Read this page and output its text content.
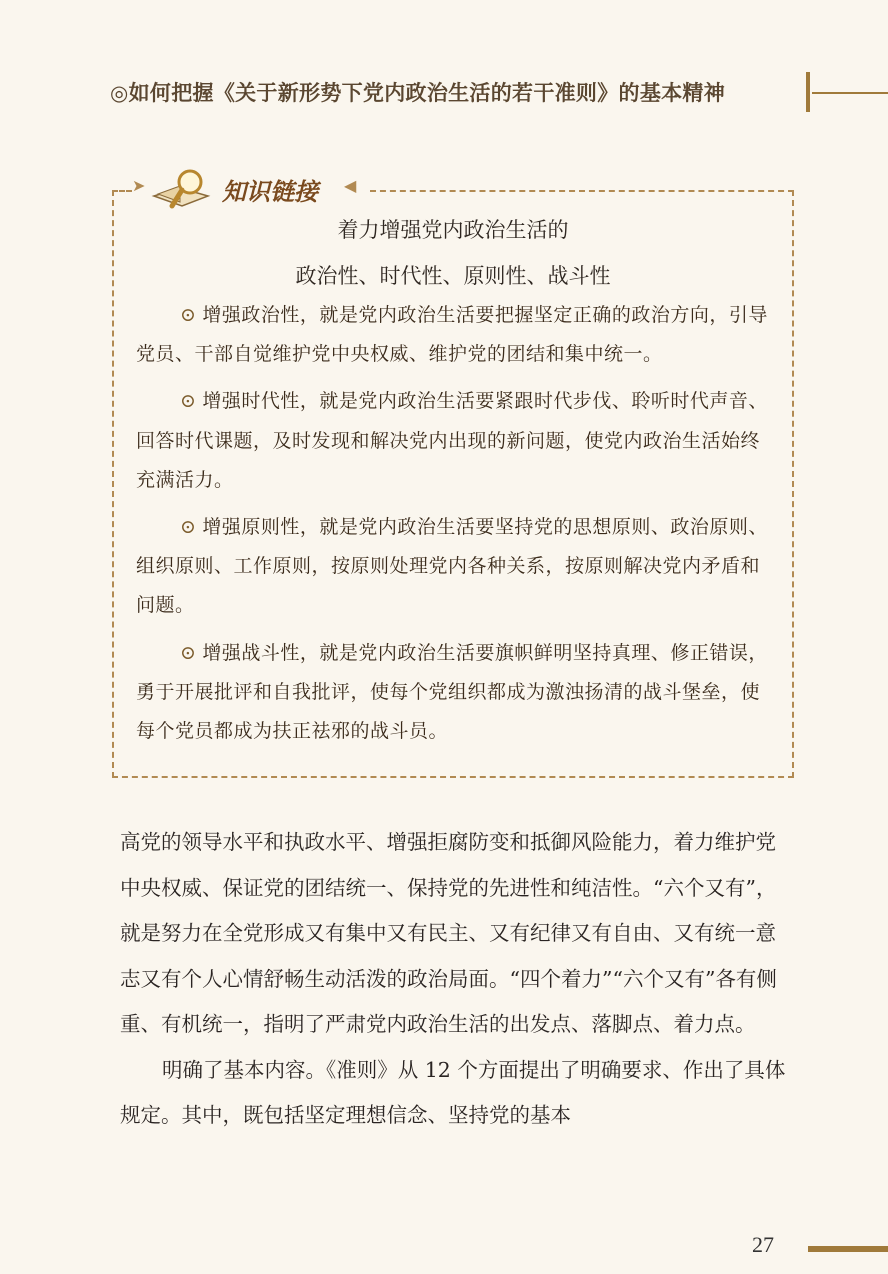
◎如何把握《关于新形势下党内政治生活的若干准则》的基本精神
➤	知识链接 ◀
着力增强党内政治生活的
政治性、时代性、原则性、战斗性

⊙ 增强政治性，就是党内政治生活要把握坚定正确的政治方向，引导党员、干部自觉维护党中央权威、维护党的团结和集中统一。

⊙ 增强时代性，就是党内政治生活要紧跟时代步伐、聆听时代声音、回答时代课题，及时发现和解决党内出现的新问题，使党内政治生活始终充满活力。

⊙ 增强原则性，就是党内政治生活要坚持党的思想原则、政治原则、组织原则、工作原则，按原则处理党内各种关系，按原则解决党内矛盾和问题。

⊙ 增强战斗性，就是党内政治生活要旗帜鲜明坚持真理、修正错误，勇于开展批评和自我批评，使每个党组织都成为激浊扬清的战斗堡垒，使每个党员都成为扶正祛邪的战斗员。

高党的领导水平和执政水平、增强拒腐防变和抵御风险能力，着力维护党中央权威、保证党的团结统一、保持党的先进性和纯洁性。“六个又有”，就是努力在全党形成又有集中又有民主、又有纪律又有自由、又有统一意志又有个人心情舒畅生动活泼的政治局面。“四个着力”“六个又有”各有侧重、有机统一，指明了严肃党内政治生活的出发点、落脚点、着力点。

明确了基本内容。《准则》从 12 个方面提出了明确要求、作出了具体规定。其中，既包括坚定理想信念、坚持党的基本

27
